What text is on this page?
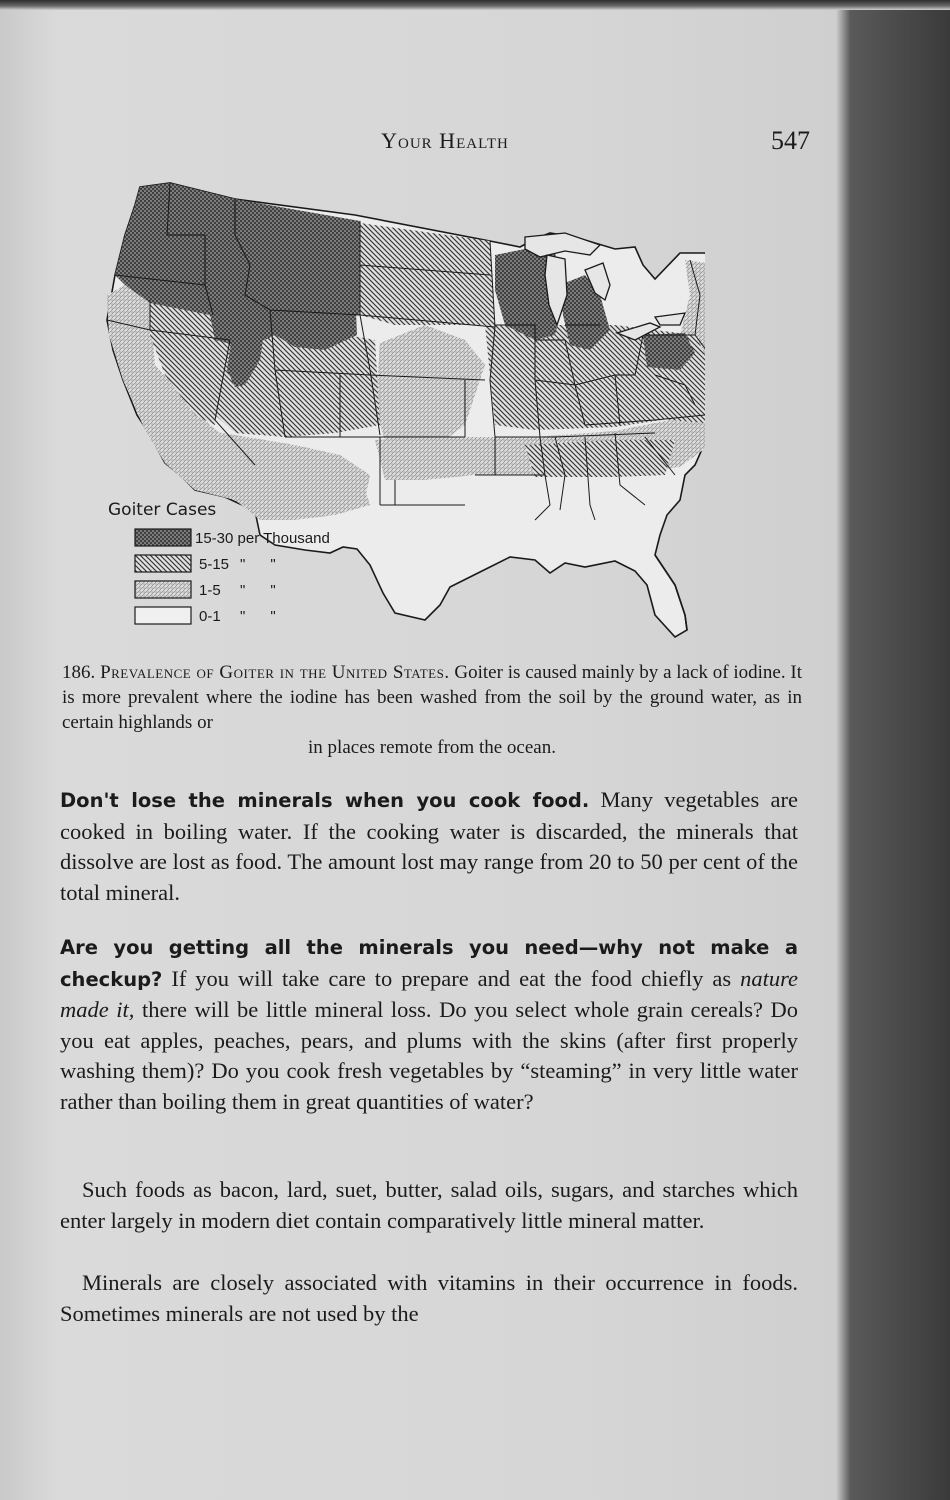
Your Health	547
Goiter Cases
15-30 per Thousand
5-15 "      "
1-5 "      "
0-1 "      "
186. Prevalence of Goiter in the United States. Goiter is caused mainly by a lack of iodine. It is more prevalent where the iodine has been washed from the soil by the ground water, as in certain highlands or
in places remote from the ocean.

Don't lose the minerals when you cook food. Many vegetables are cooked in boiling water. If the cooking water is discarded, the minerals that dissolve are lost as food. The amount lost may range from 20 to 50 per cent of the total mineral.

Are you getting all the minerals you need—why not make a checkup? If you will take care to prepare and eat the food chiefly as nature made it, there will be little mineral loss. Do you select whole grain cereals? Do you eat apples, peaches, pears, and plums with the skins (after first properly washing them)? Do you cook fresh vegetables by “steaming” in very little water rather than boiling them in great quantities of water?

Such foods as bacon, lard, suet, butter, salad oils, sugars, and starches which enter largely in modern diet contain comparatively little mineral matter.

Minerals are closely associated with vitamins in their occurrence in foods. Sometimes minerals are not used by the
